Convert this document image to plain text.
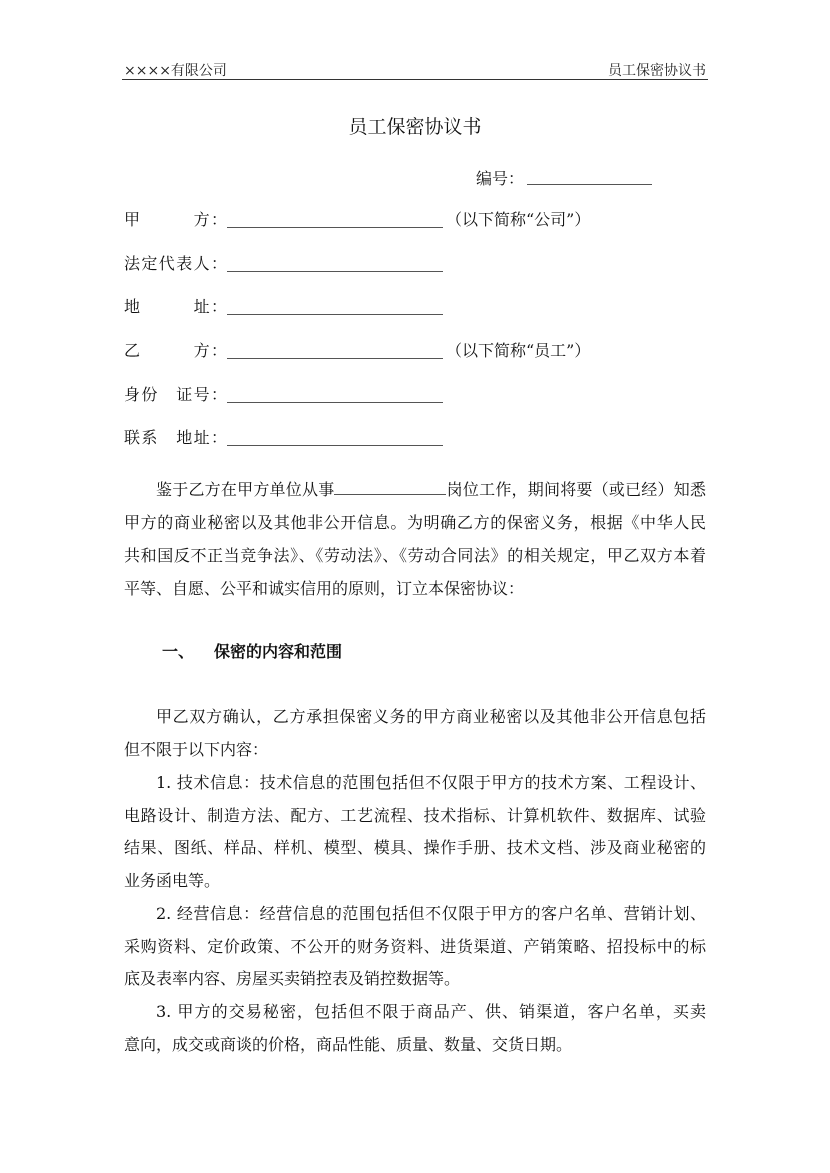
××××有限公司	员工保密协议书
员工保密协议书
编号：
甲　　　方：	（以下简称“公司”）
法定代表人：
地　　　址：
乙　　　方：	（以下简称“员工”）
身份　证号：
联系　地址：
鉴于乙方在甲方单位从事	岗位工作，期间将要（或已经）知悉
甲方的商业秘密以及其他非公开信息。为明确乙方的保密义务，根据《中华人民
共和国反不正当竞争法》、《劳动法》、《劳动合同法》的相关规定，甲乙双方本着
平等、自愿、公平和诚实信用的原则，订立本保密协议：
一、 保密的内容和范围
甲乙双方确认，乙方承担保密义务的甲方商业秘密以及其他非公开信息包括
但不限于以下内容：
1. 技术信息：技术信息的范围包括但不仅限于甲方的技术方案、工程设计、
电路设计、制造方法、配方、工艺流程、技术指标、计算机软件、数据库、试验
结果、图纸、样品、样机、模型、模具、操作手册、技术文档、涉及商业秘密的
业务函电等。
2. 经营信息：经营信息的范围包括但不仅限于甲方的客户名单、营销计划、
采购资料、定价政策、不公开的财务资料、进货渠道、产销策略、招投标中的标
底及表率内容、房屋买卖销控表及销控数据等。
3. 甲方的交易秘密，包括但不限于商品产、供、销渠道，客户名单，买卖
意向，成交或商谈的价格，商品性能、质量、数量、交货日期。
